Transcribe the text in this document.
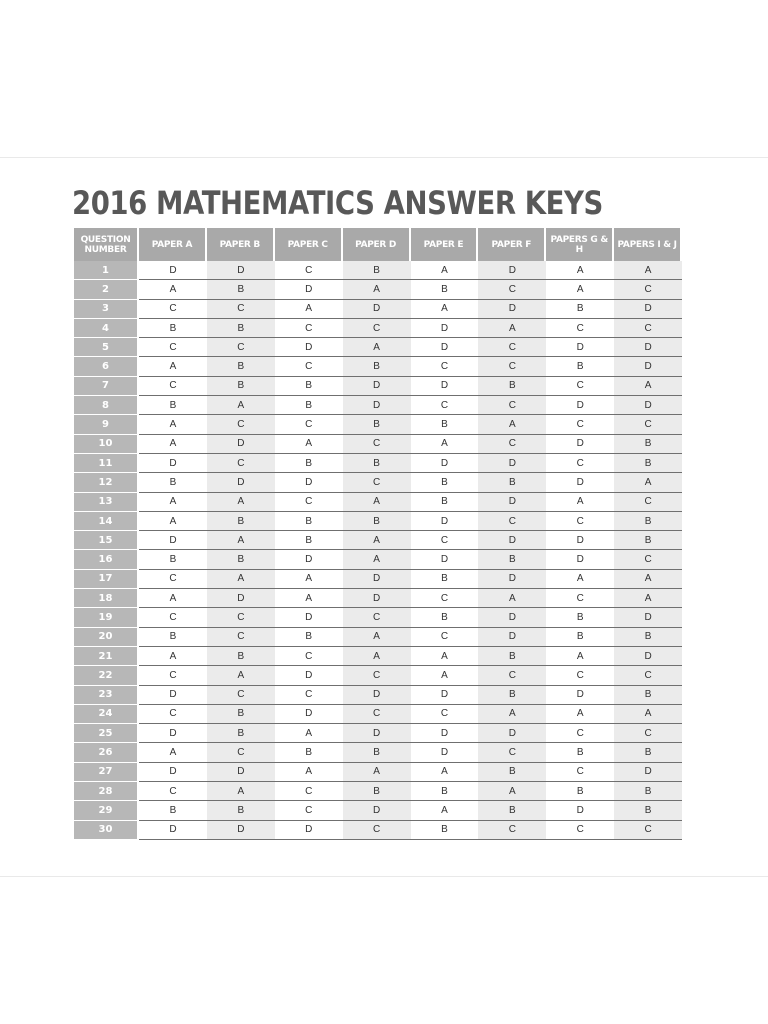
2016 MATHEMATICS ANSWER KEYS
QUESTION NUMBER	PAPER A	PAPER B	PAPER C	PAPER D	PAPER E	PAPER F	PAPERS G & H	PAPERS I & J
1	D	D	C	B	A	D	A	A
2	A	B	D	A	B	C	A	C
3	C	C	A	D	A	D	B	D
4	B	B	C	C	D	A	C	C
5	C	C	D	A	D	C	D	D
6	A	B	C	B	C	C	B	D
7	C	B	B	D	D	B	C	A
8	B	A	B	D	C	C	D	D
9	A	C	C	B	B	A	C	C
10	A	D	A	C	A	C	D	B
11	D	C	B	B	D	D	C	B
12	B	D	D	C	B	B	D	A
13	A	A	C	A	B	D	A	C
14	A	B	B	B	D	C	C	B
15	D	A	B	A	C	D	D	B
16	B	B	D	A	D	B	D	C
17	C	A	A	D	B	D	A	A
18	A	D	A	D	C	A	C	A
19	C	C	D	C	B	D	B	D
20	B	C	B	A	C	D	B	B
21	A	B	C	A	A	B	A	D
22	C	A	D	C	A	C	C	C
23	D	C	C	D	D	B	D	B
24	C	B	D	C	C	A	A	A
25	D	B	A	D	D	D	C	C
26	A	C	B	B	D	C	B	B
27	D	D	A	A	A	B	C	D
28	C	A	C	B	B	A	B	B
29	B	B	C	D	A	B	D	B
30	D	D	D	C	B	C	C	C
